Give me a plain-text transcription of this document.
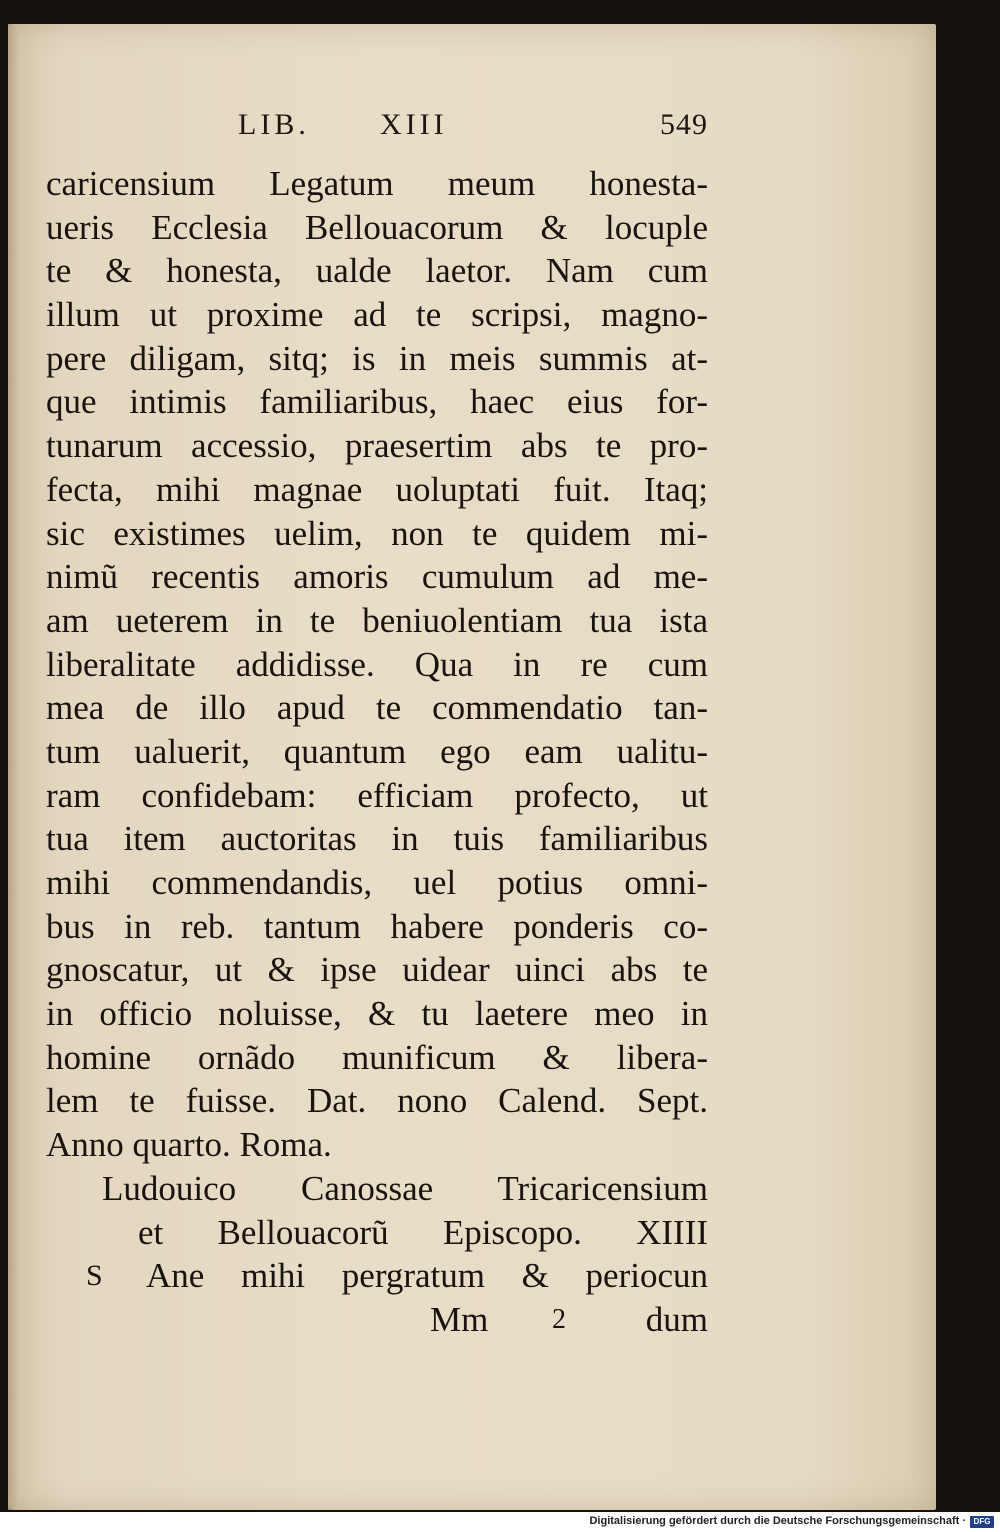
LIB. XIII	549
caricensium Legatum meum honesta-
ueris Ecclesia Bellouacorum & locuple
te & honesta, ualde laetor. Nam cum
illum ut proxime ad te scripsi, magno-
pere diligam, sitq; is in meis summis at-
que intimis familiaribus, haec eius for-
tunarum accessio, praesertim abs te pro-
fecta, mihi magnae uoluptati fuit. Itaq;
sic existimes uelim, non te quidem mi-
nimũ recentis amoris cumulum ad me-
am ueterem in te beniuolentiam tua ista
liberalitate addidisse. Qua in re cum
mea de illo apud te commendatio tan-
tum ualuerit, quantum ego eam ualitu-
ram confidebam: efficiam profecto, ut
tua item auctoritas in tuis familiaribus
mihi commendandis, uel potius omni-
bus in reb. tantum habere ponderis co-
gnoscatur, ut & ipse uidear uinci abs te
in officio noluisse, & tu laetere meo in
homine ornãdo munificum & libera-
lem te fuisse. Dat. nono Calend. Sept.
Anno quarto. Roma.
Ludouico Canossae Tricaricensium
et Bellouacorũ Episcopo. XIIII
S Ane mihi pergratum & periocun
Mm 2 dum
Digitalisierung gefördert durch die Deutsche Forschungsgemeinschaft · DFG
